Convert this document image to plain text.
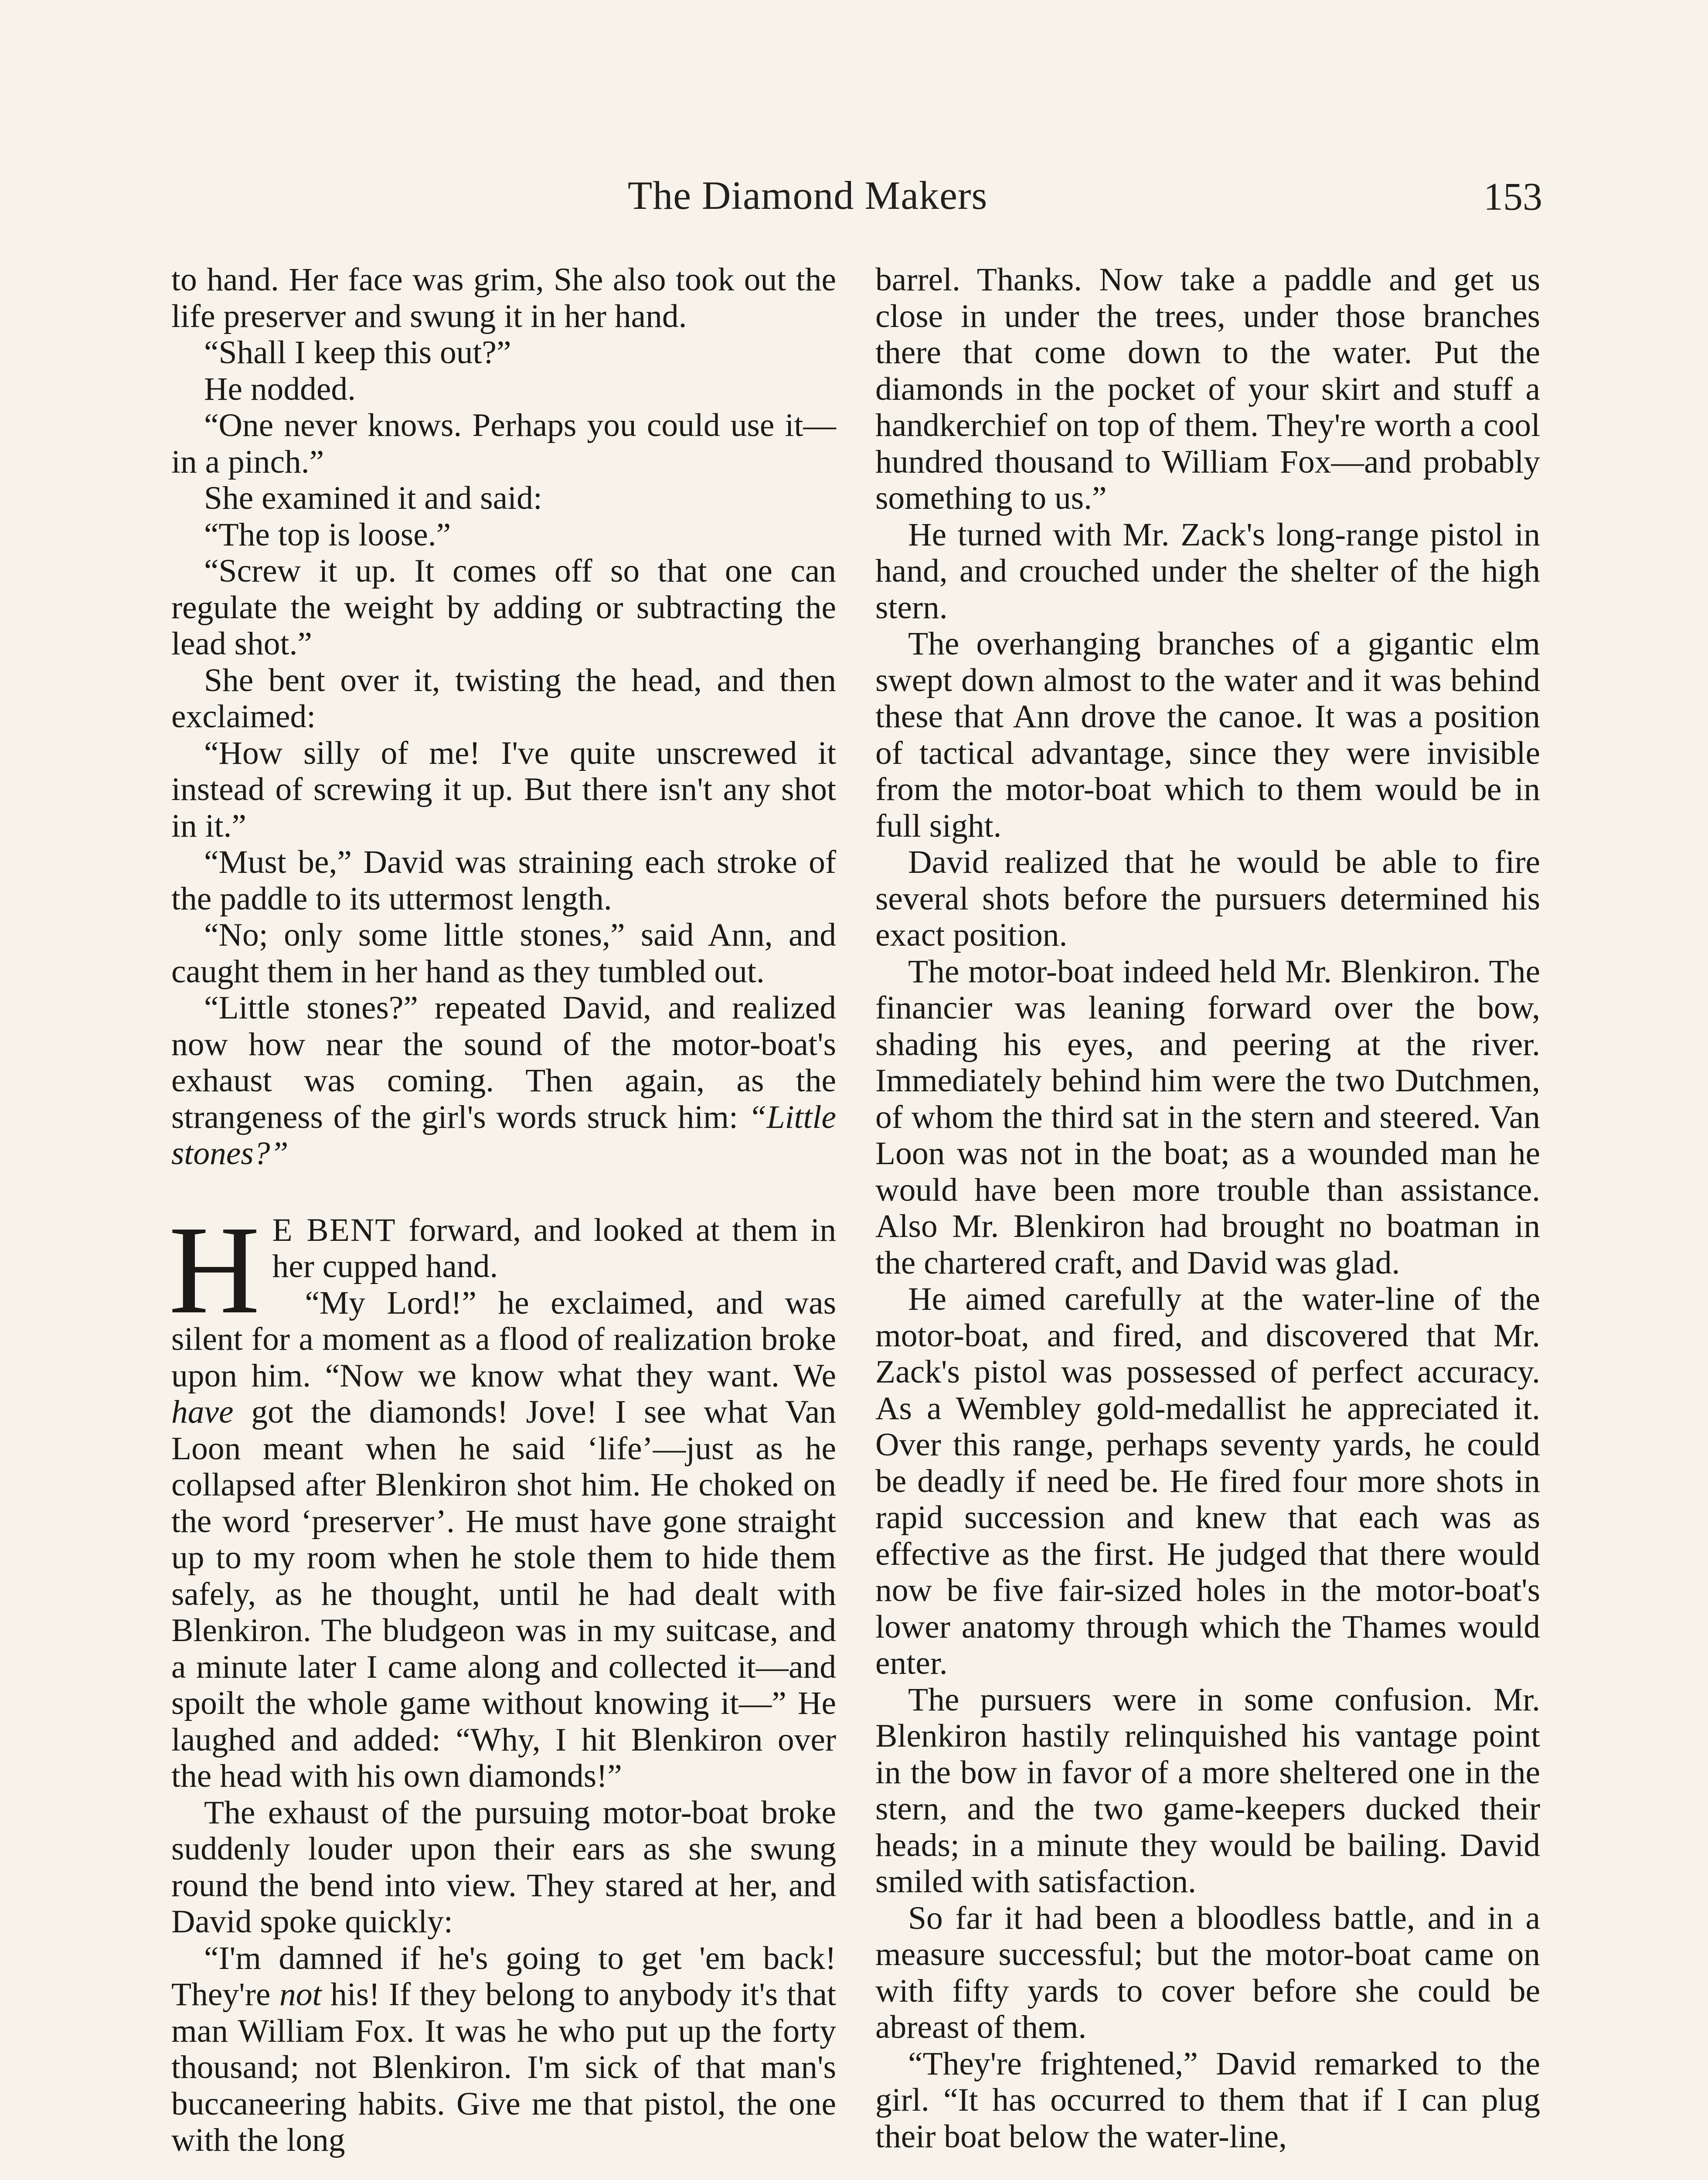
The Diamond Makers	153

to hand. Her face was grim, She also took out the life preserver and swung it in her hand.

“Shall I keep this out?”

He nodded.

“One never knows. Perhaps you could use it—in a pinch.”

She examined it and said:

“The top is loose.”

“Screw it up. It comes off so that one can regulate the weight by adding or subtracting the lead shot.”

She bent over it, twisting the head, and then exclaimed:

“How silly of me! I've quite unscrewed it instead of screwing it up. But there isn't any shot in it.”

“Must be,” David was straining each stroke of the paddle to its uttermost length.

“No; only some little stones,” said Ann, and caught them in her hand as they tumbled out.

“Little stones?” repeated David, and realized now how near the sound of the motor-boat's exhaust was coming. Then again, as the strangeness of the girl's words struck him: “Little stones?”

H E BENT forward, and looked at them in her cupped hand.

“My Lord!” he exclaimed, and was silent for a moment as a flood of realization broke upon him. “Now we know what they want. We have got the diamonds! Jove! I see what Van Loon meant when he said ‘life’—just as he collapsed after Blenkiron shot him. He choked on the word ‘preserver’. He must have gone straight up to my room when he stole them to hide them safely, as he thought, until he had dealt with Blenkiron. The bludgeon was in my suitcase, and a minute later I came along and collected it—and spoilt the whole game without knowing it—” He laughed and added: “Why, I hit Blenkiron over the head with his own diamonds!”

The exhaust of the pursuing motor-boat broke suddenly louder upon their ears as she swung round the bend into view. They stared at her, and David spoke quickly:

“I'm damned if he's going to get 'em back! They're not his! If they belong to anybody it's that man William Fox. It was he who put up the forty thousand; not Blenkiron. I'm sick of that man's buccaneering habits. Give me that pistol, the one with the long

barrel. Thanks. Now take a paddle and get us close in under the trees, under those branches there that come down to the water. Put the diamonds in the pocket of your skirt and stuff a handkerchief on top of them. They're worth a cool hundred thousand to William Fox—and probably something to us.”

He turned with Mr. Zack's long-range pistol in hand, and crouched under the shelter of the high stern.

The overhanging branches of a gigantic elm swept down almost to the water and it was behind these that Ann drove the canoe. It was a position of tactical advantage, since they were invisible from the motor-boat which to them would be in full sight.

David realized that he would be able to fire several shots before the pursuers determined his exact position.

The motor-boat indeed held Mr. Blenkiron. The financier was leaning forward over the bow, shading his eyes, and peering at the river. Immediately behind him were the two Dutchmen, of whom the third sat in the stern and steered. Van Loon was not in the boat; as a wounded man he would have been more trouble than assistance. Also Mr. Blenkiron had brought no boatman in the chartered craft, and David was glad.

He aimed carefully at the water-line of the motor-boat, and fired, and discovered that Mr. Zack's pistol was possessed of perfect accuracy. As a Wembley gold-medallist he appreciated it. Over this range, perhaps seventy yards, he could be deadly if need be. He fired four more shots in rapid succession and knew that each was as effective as the first. He judged that there would now be five fair-sized holes in the motor-boat's lower anatomy through which the Thames would enter.

The pursuers were in some confusion. Mr. Blenkiron hastily relinquished his vantage point in the bow in favor of a more sheltered one in the stern, and the two game-keepers ducked their heads; in a minute they would be bailing. David smiled with satisfaction.

So far it had been a bloodless battle, and in a measure successful; but the motor-boat came on with fifty yards to cover before she could be abreast of them.

“They're frightened,” David remarked to the girl. “It has occurred to them that if I can plug their boat below the water-line,
